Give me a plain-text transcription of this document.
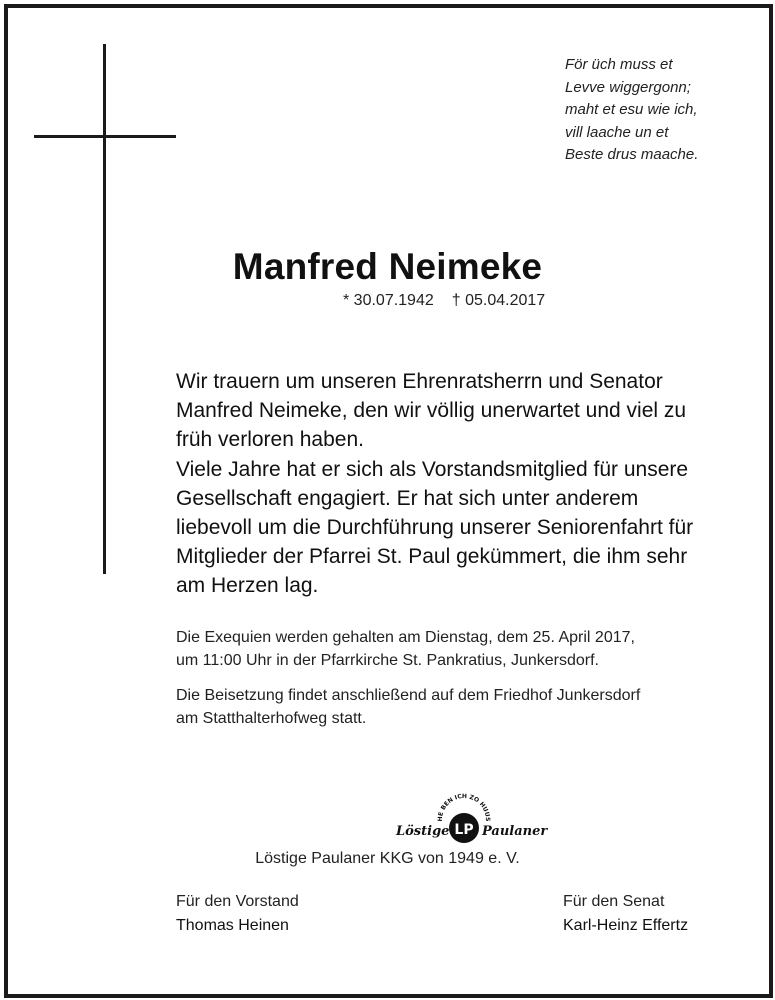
För üch muss et
Levve wiggergonn;
maht et esu wie ich,
vill laache un et
Beste drus maache.
Manfred Neimeke
* 30.07.1942 † 05.04.2017
Wir trauern um unseren Ehrenratsherrn und Senator
Manfred Neimeke, den wir völlig unerwartet und viel zu
früh verloren haben.
Viele Jahre hat er sich als Vorstandsmitglied für unsere
Gesellschaft engagiert. Er hat sich unter anderem
liebevoll um die Durchführung unserer Seniorenfahrt für
Mitglieder der Pfarrei St. Paul gekümmert, die ihm sehr
am Herzen lag.
Die Exequien werden gehalten am Dienstag, dem 25. April 2017,
um 11:00 Uhr in der Pfarrkirche St. Pankratius, Junkersdorf.
Die Beisetzung findet anschließend auf dem Friedhof Junkersdorf
am Statthalterhofweg statt.
Löstige LP
HE BEN ICH ZO HUUS
Paulaner
Löstige Paulaner KKG von 1949 e. V.
Für den Vorstand
Thomas Heinen
Für den Senat
Karl-Heinz Effertz
